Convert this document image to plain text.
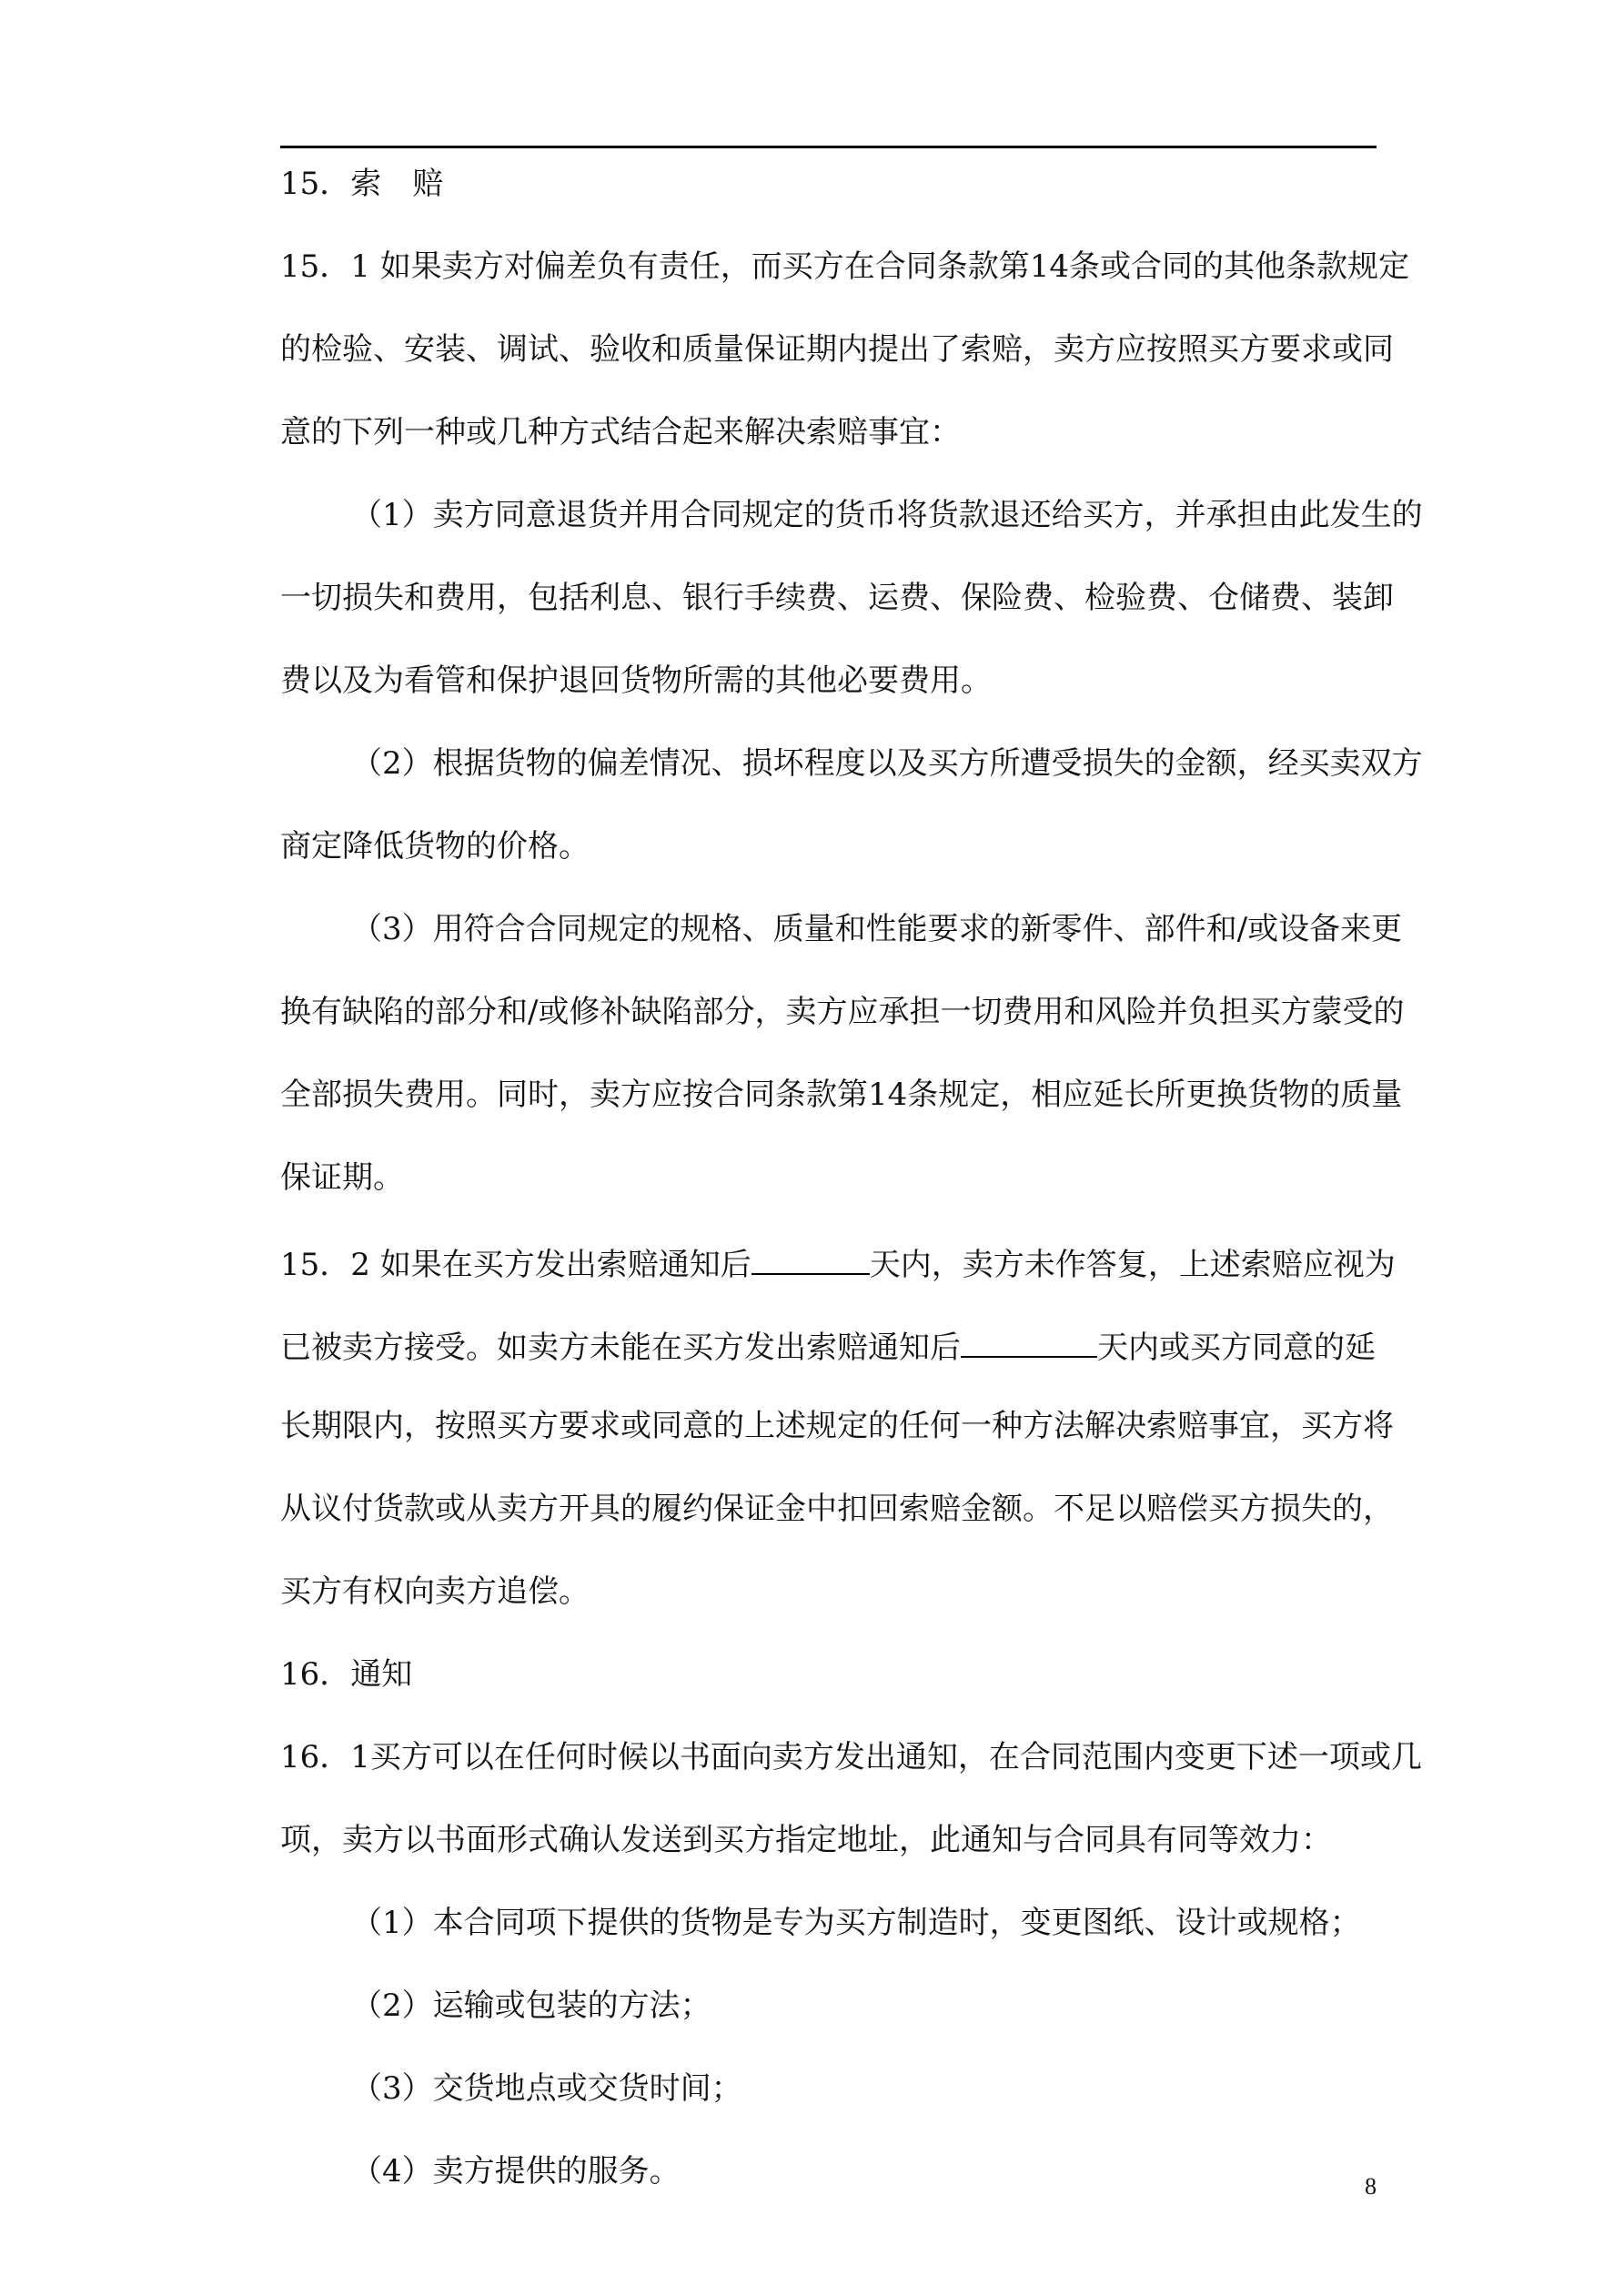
15．索　赔

15．1 如果卖方对偏差负有责任，而买方在合同条款第14条或合同的其他条款规定

的检验、安装、调试、验收和质量保证期内提出了索赔，卖方应按照买方要求或同

意的下列一种或几种方式结合起来解决索赔事宜：

（1）卖方同意退货并用合同规定的货币将货款退还给买方，并承担由此发生的

一切损失和费用，包括利息、银行手续费、运费、保险费、检验费、仓储费、装卸

费以及为看管和保护退回货物所需的其他必要费用。

（2）根据货物的偏差情况、损坏程度以及买方所遭受损失的金额，经买卖双方

商定降低货物的价格。

（3）用符合合同规定的规格、质量和性能要求的新零件、部件和/或设备来更

换有缺陷的部分和/或修补缺陷部分，卖方应承担一切费用和风险并负担买方蒙受的

全部损失费用。同时，卖方应按合同条款第14条规定，相应延长所更换货物的质量

保证期。

15．2 如果在买方发出索赔通知后	天内，卖方未作答复，上述索赔应视为

已被卖方接受。如卖方未能在买方发出索赔通知后	天内或买方同意的延

长期限内，按照买方要求或同意的上述规定的任何一种方法解决索赔事宜，买方将

从议付货款或从卖方开具的履约保证金中扣回索赔金额。不足以赔偿买方损失的，

买方有权向卖方追偿。

16．通知

16．1买方可以在任何时候以书面向卖方发出通知，在合同范围内变更下述一项或几

项，卖方以书面形式确认发送到买方指定地址，此通知与合同具有同等效力：

（1）本合同项下提供的货物是专为买方制造时，变更图纸、设计或规格；

（2）运输或包装的方法；

（3）交货地点或交货时间；

（4）卖方提供的服务。	8
